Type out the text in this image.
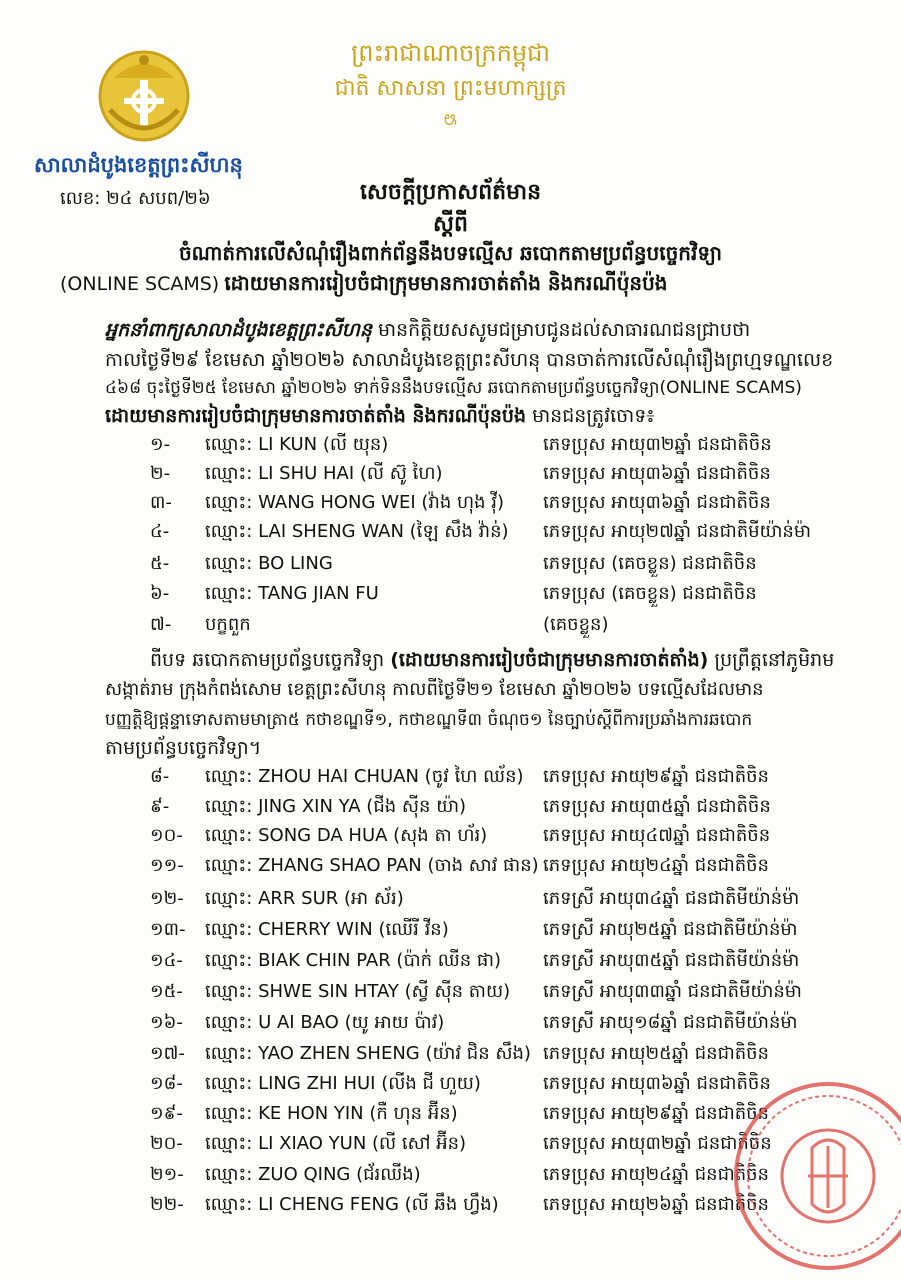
សាលាដំបូងខេត្តព្រះសីហនុ
លេខ: ២៤ សបព/២៦
ព្រះរាជាណាចក្រកម្ពុជា
ជាតិ សាសនា ព្រះមហាក្សត្រ
ꢰ
សេចក្តីប្រកាសព័ត៌មាន
ស្តីពី
ចំណាត់ការលើសំណុំរឿងពាក់ព័ន្ធនឹងបទល្មើស ឆបោកតាមប្រព័ន្ធបច្ចេកវិទ្យា
(ONLINE SCAMS) ដោយមានការរៀបចំជាក្រុមមានការចាត់តាំង និងករណីប៉ុនប៉ង
អ្នកនាំពាក្យសាលាដំបូងខេត្តព្រះសីហនុ មានកិត្តិយសសូមជម្រាបជូនដល់សាធារណជនជ្រាបថា
កាលថ្ងៃទី២៩ ខែមេសា ឆ្នាំ២០២៦ សាលាដំបូងខេត្តព្រះសីហនុ បានចាត់ការលើសំណុំរឿងព្រហ្មទណ្ឌលេខ
៤៦៨ ចុះថ្ងៃទី២៥ ខែមេសា ឆ្នាំ២០២៦ ទាក់ទិននឹងបទល្មើស ឆបោកតាមប្រព័ន្ធបច្ចេកវិទ្យា(ONLINE SCAMS)
ដោយមានការរៀបចំជាក្រុមមានការចាត់តាំង និងករណីប៉ុនប៉ង មានជនត្រូវចោទ៖
១- ឈ្មោះ: LI KUN (លី យុន)	ភេទប្រុស អាយុ៣២ឆ្នាំ ជនជាតិចិន
២- ឈ្មោះ: LI SHU HAI (លី ស៊ូ ហៃ)	ភេទប្រុស អាយុ៣៦ឆ្នាំ ជនជាតិចិន
៣- ឈ្មោះ: WANG HONG WEI (វ៉ាង ហុង វ៉ី) ភេទប្រុស អាយុ៣៦ឆ្នាំ ជនជាតិចិន
៤- ឈ្មោះ: LAI SHENG WAN (ឡៃ សឹង វ៉ាន់) ភេទប្រុស អាយុ២៧ឆ្នាំ ជនជាតិមីយ៉ាន់ម៉ា
៥- ឈ្មោះ: BO LING	ភេទប្រុស (គេចខ្លួន) ជនជាតិចិន
៦- ឈ្មោះ: TANG JIAN FU	ភេទប្រុស (គេចខ្លួន) ជនជាតិចិន
៧- បក្ខពួក	(គេចខ្លួន)
ពីបទ ឆបោកតាមប្រព័ន្ធបច្ចេកវិទ្យា (ដោយមានការរៀបចំជាក្រុមមានការចាត់តាំង) ប្រព្រឹត្តនៅភូមិរាម
សង្កាត់រាម ក្រុងកំពង់សោម ខេត្តព្រះសីហនុ កាលពីថ្ងៃទី២១ ខែមេសា ឆ្នាំ២០២៦ បទល្មើសដែលមាន
បញ្ញត្តិឱ្យផ្តន្ទាទោសតាមមាត្រា៥ កថាខណ្ឌទី១, កថាខណ្ឌទី៣ ចំណុច១ នៃច្បាប់ស្តីពីការប្រឆាំងការឆបោក
តាមប្រព័ន្ធបច្ចេកវិទ្យា។
៨- ឈ្មោះ: ZHOU HAI CHUAN (ចូវ ហៃ ឈ័ន) ភេទប្រុស អាយុ២៩ឆ្នាំ ជនជាតិចិន
៩- ឈ្មោះ: JING XIN YA (ជីង ស៊ីន យ៉ា)	ភេទប្រុស អាយុ៣៥ឆ្នាំ ជនជាតិចិន
១០- ឈ្មោះ: SONG DA HUA (សុង តា ហ័រ)	ភេទប្រុស អាយុ៤៧ឆ្នាំ ជនជាតិចិន
១១- ឈ្មោះ: ZHANG SHAO PAN (ចាង សាវ ផាន) ភេទប្រុស អាយុ២៤ឆ្នាំ ជនជាតិចិន
១២- ឈ្មោះ: ARR SUR (អា ស័រ)	ភេទស្រី អាយុ៣៤ឆ្នាំ ជនជាតិមីយ៉ាន់ម៉ា
១៣- ឈ្មោះ: CHERRY WIN (ឈើរី វីន)	ភេទស្រី អាយុ២៥ឆ្នាំ ជនជាតិមីយ៉ាន់ម៉ា
១៤- ឈ្មោះ: BIAK CHIN PAR (ប៉ាក់ ឈីន ផា) ភេទស្រី អាយុ៣៥ឆ្នាំ ជនជាតិមីយ៉ាន់ម៉ា
១៥- ឈ្មោះ: SHWE SIN HTAY (ស្វី ស៊ីន តាយ) ភេទស្រី អាយុ៣៣ឆ្នាំ ជនជាតិមីយ៉ាន់ម៉ា
១៦- ឈ្មោះ: U AI BAO (យូ អាយ ប៉ាវ)	ភេទស្រី អាយុ១៨ឆ្នាំ ជនជាតិមីយ៉ាន់ម៉ា
១៧- ឈ្មោះ: YAO ZHEN SHENG (យ៉ាវ ជិន សឹង) ភេទប្រុស អាយុ២៥ឆ្នាំ ជនជាតិចិន
១៨- ឈ្មោះ: LING ZHI HUI (លីង ជី ហួយ)	ភេទប្រុស អាយុ៣៦ឆ្នាំ ជនជាតិចិន
១៩- ឈ្មោះ: KE HON YIN (កឺ ហុន អ៊ីន)	ភេទប្រុស អាយុ២៩ឆ្នាំ ជនជាតិចិន
២០- ឈ្មោះ: LI XIAO YUN (លី សៅ អ៊ីន)	ភេទប្រុស អាយុ៣២ឆ្នាំ ជនជាតិចិន
២១- ឈ្មោះ: ZUO QING (ជ័រឈីង)	ភេទប្រុស អាយុ២៤ឆ្នាំ ជនជាតិចិន
២២- ឈ្មោះ: LI CHENG FENG (លី ឆឹង ហ្វឹង) ភេទប្រុស អាយុ២៦ឆ្នាំ ជនជាតិចិន
